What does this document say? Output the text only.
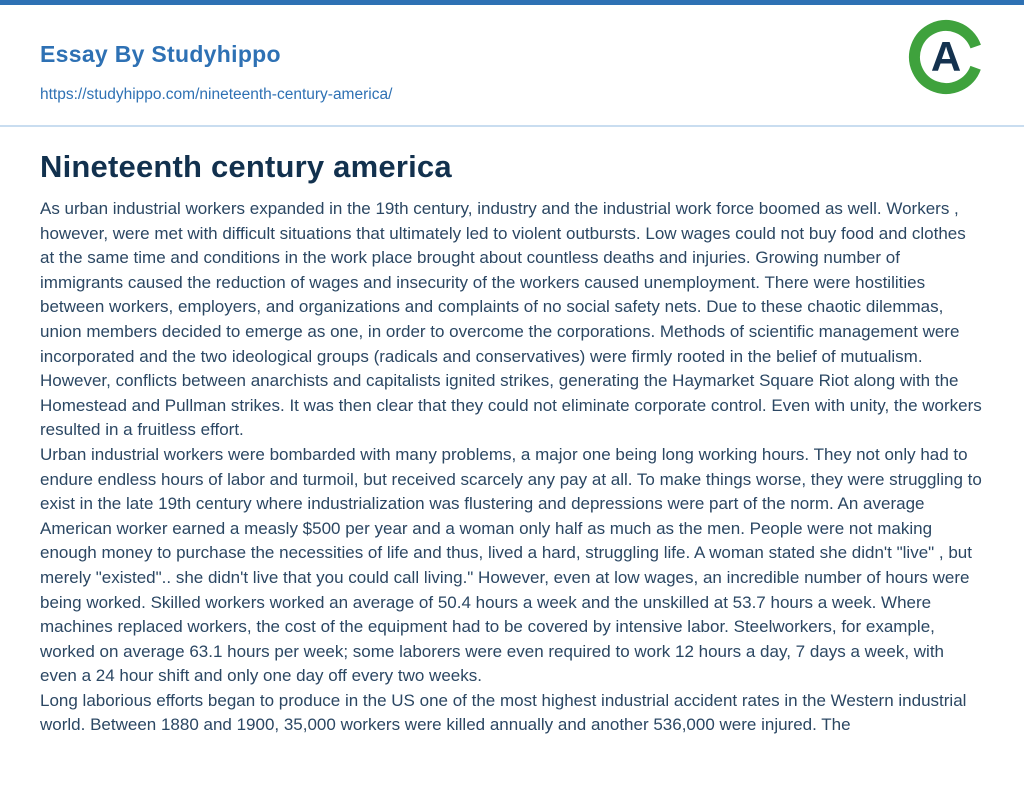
Essay By Studyhippo
https://studyhippo.com/nineteenth-century-america/
A
Nineteenth century america

As urban industrial workers expanded in the 19th century, industry and the industrial work force boomed as well. Workers , however, were met with difficult situations that ultimately led to violent outbursts. Low wages could not buy food and clothes at the same time and conditions in the work place brought about countless deaths and injuries. Growing number of immigrants caused the reduction of wages and insecurity of the workers caused unemployment. There were hostilities between workers, employers, and organizations and complaints of no social safety nets. Due to these chaotic dilemmas, union members decided to emerge as one, in order to overcome the corporations. Methods of scientific management were incorporated and the two ideological groups (radicals and conservatives) were firmly rooted in the belief of mutualism. However, conflicts between anarchists and capitalists ignited strikes, generating the Haymarket Square Riot along with the Homestead and Pullman strikes. It was then clear that they could not eliminate corporate control. Even with unity, the workers resulted in a fruitless effort.

Urban industrial workers were bombarded with many problems, a major one being long working hours. They not only had to endure endless hours of labor and turmoil, but received scarcely any pay at all. To make things worse, they were struggling to exist in the late 19th century where industrialization was flustering and depressions were part of the norm. An average American worker earned a measly $500 per year and a woman only half as much as the men. People were not making enough money to purchase the necessities of life and thus, lived a hard, struggling life. A woman stated she didn't "live" , but merely "existed".. she didn't live that you could call living." However, even at low wages, an incredible number of hours were being worked. Skilled workers worked an average of 50.4 hours a week and the unskilled at 53.7 hours a week. Where machines replaced workers, the cost of the equipment had to be covered by intensive labor. Steelworkers, for example, worked on average 63.1 hours per week; some laborers were even required to work 12 hours a day, 7 days a week, with even a 24 hour shift and only one day off every two weeks.

Long laborious efforts began to produce in the US one of the most highest industrial accident rates in the Western industrial world. Between 1880 and 1900, 35,000 workers were killed annually and another 536,000 were injured. The
